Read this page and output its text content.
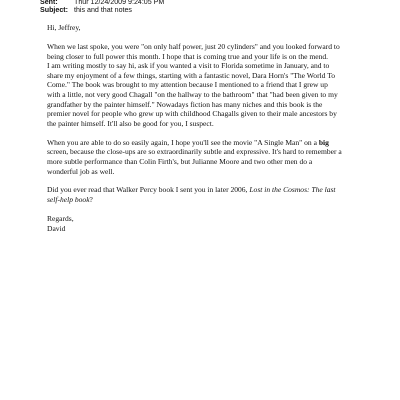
Sent: Thur 12/24/2009 9:24:05 PM
Subject: this and that notes
Hi, Jeffrey,
When we last spoke, you were "on only half power, just 20 cylinders" and you looked forward to
being closer to full power this month. I hope that is coming true and your life is on the mend.
I am writing mostly to say hi, ask if you wanted a visit to Florida sometime in January, and to
share my enjoyment of a few things, starting with a fantastic novel, Dara Horn's "The World To
Come." The book was brought to my attention because I mentioned to a friend that I grew up
with a little, not very good Chagall "on the hallway to the bathroom" that "had been given to my
grandfather by the painter himself." Nowadays fiction has many niches and this book is the
premier novel for people who grew up with childhood Chagalls given to their male ancestors by
the painter himself. It'll also be good for you, I suspect.
When you are able to do so easily again, I hope you'll see the movie "A Single Man" on a big
screen, because the close-ups are so extraordinarily subtle and expressive. It's hard to remember a
more subtle performance than Colin Firth's, but Julianne Moore and two other men do a
wonderful job as well.
Did you ever read that Walker Percy book I sent you in later 2006, Lost in the Cosmos: The last
self-help book?
Regards,
David
